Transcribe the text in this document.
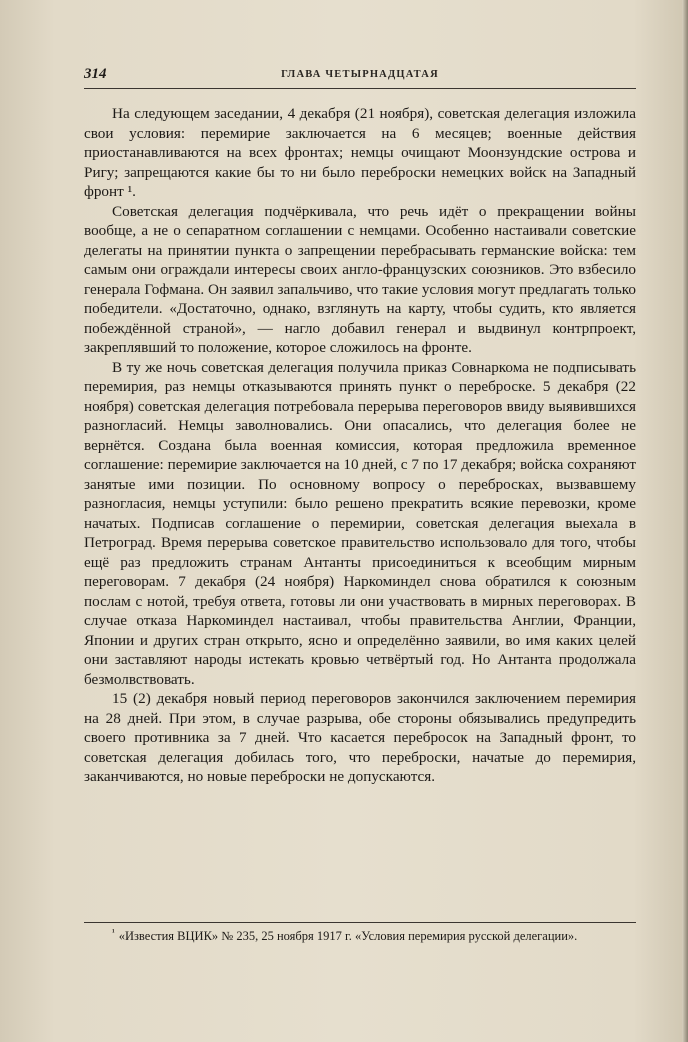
314	ГЛАВА ЧЕТЫРНАДЦАТАЯ

На следующем заседании, 4 декабря (21 ноября), советская делегация изложила свои условия: перемирие заключается на 6 месяцев; военные действия приостанавливаются на всех фронтах; немцы очищают Моонзундские острова и Ригу; запрещаются какие бы то ни было переброски немецких войск на Западный фронт ¹.

Советская делегация подчёркивала, что речь идёт о прекращении войны вообще, а не о сепаратном соглашении с немцами. Особенно настаивали советские делегаты на принятии пункта о запрещении перебрасывать германские войска: тем самым они ограждали интересы своих англо-французских союзников. Это взбесило генерала Гофмана. Он заявил запальчиво, что такие условия могут предлагать только победители. «Достаточно, однако, взглянуть на карту, чтобы судить, кто является побеждённой страной», — нагло добавил генерал и выдвинул контрпроект, закреплявший то положение, которое сложилось на фронте.

В ту же ночь советская делегация получила приказ Совнаркома не подписывать перемирия, раз немцы отказываются принять пункт о переброске. 5 декабря (22 ноября) советская делегация потребовала перерыва переговоров ввиду выявившихся разногласий. Немцы заволновались. Они опасались, что делегация более не вернётся. Создана была военная комиссия, которая предложила временное соглашение: перемирие заключается на 10 дней, с 7 по 17 декабря; войска сохраняют занятые ими позиции. По основному вопросу о перебросках, вызвавшему разногласия, немцы уступили: было решено прекратить всякие перевозки, кроме начатых. Подписав соглашение о перемирии, советская делегация выехала в Петроград. Время перерыва советское правительство использовало для того, чтобы ещё раз предложить странам Антанты присоединиться к всеобщим мирным переговорам. 7 декабря (24 ноября) Наркоминдел снова обратился к союзным послам с нотой, требуя ответа, готовы ли они участвовать в мирных переговорах. В случае отказа Наркоминдел настаивал, чтобы правительства Англии, Франции, Японии и других стран открыто, ясно и определённо заявили, во имя каких целей они заставляют народы истекать кровью четвёртый год. Но Антанта продолжала безмолвствовать.

15 (2) декабря новый период переговоров закончился заключением перемирия на 28 дней. При этом, в случае разрыва, обе стороны обязывались предупредить своего противника за 7 дней. Что касается перебросок на Западный фронт, то советская делегация добилась того, что переброски, начатые до перемирия, заканчиваются, но новые переброски не допускаются.

$^{^1}$ «Известия ВЦИК» № 235, 25 ноября 1917 г. «Условия перемирия русской делегации».
